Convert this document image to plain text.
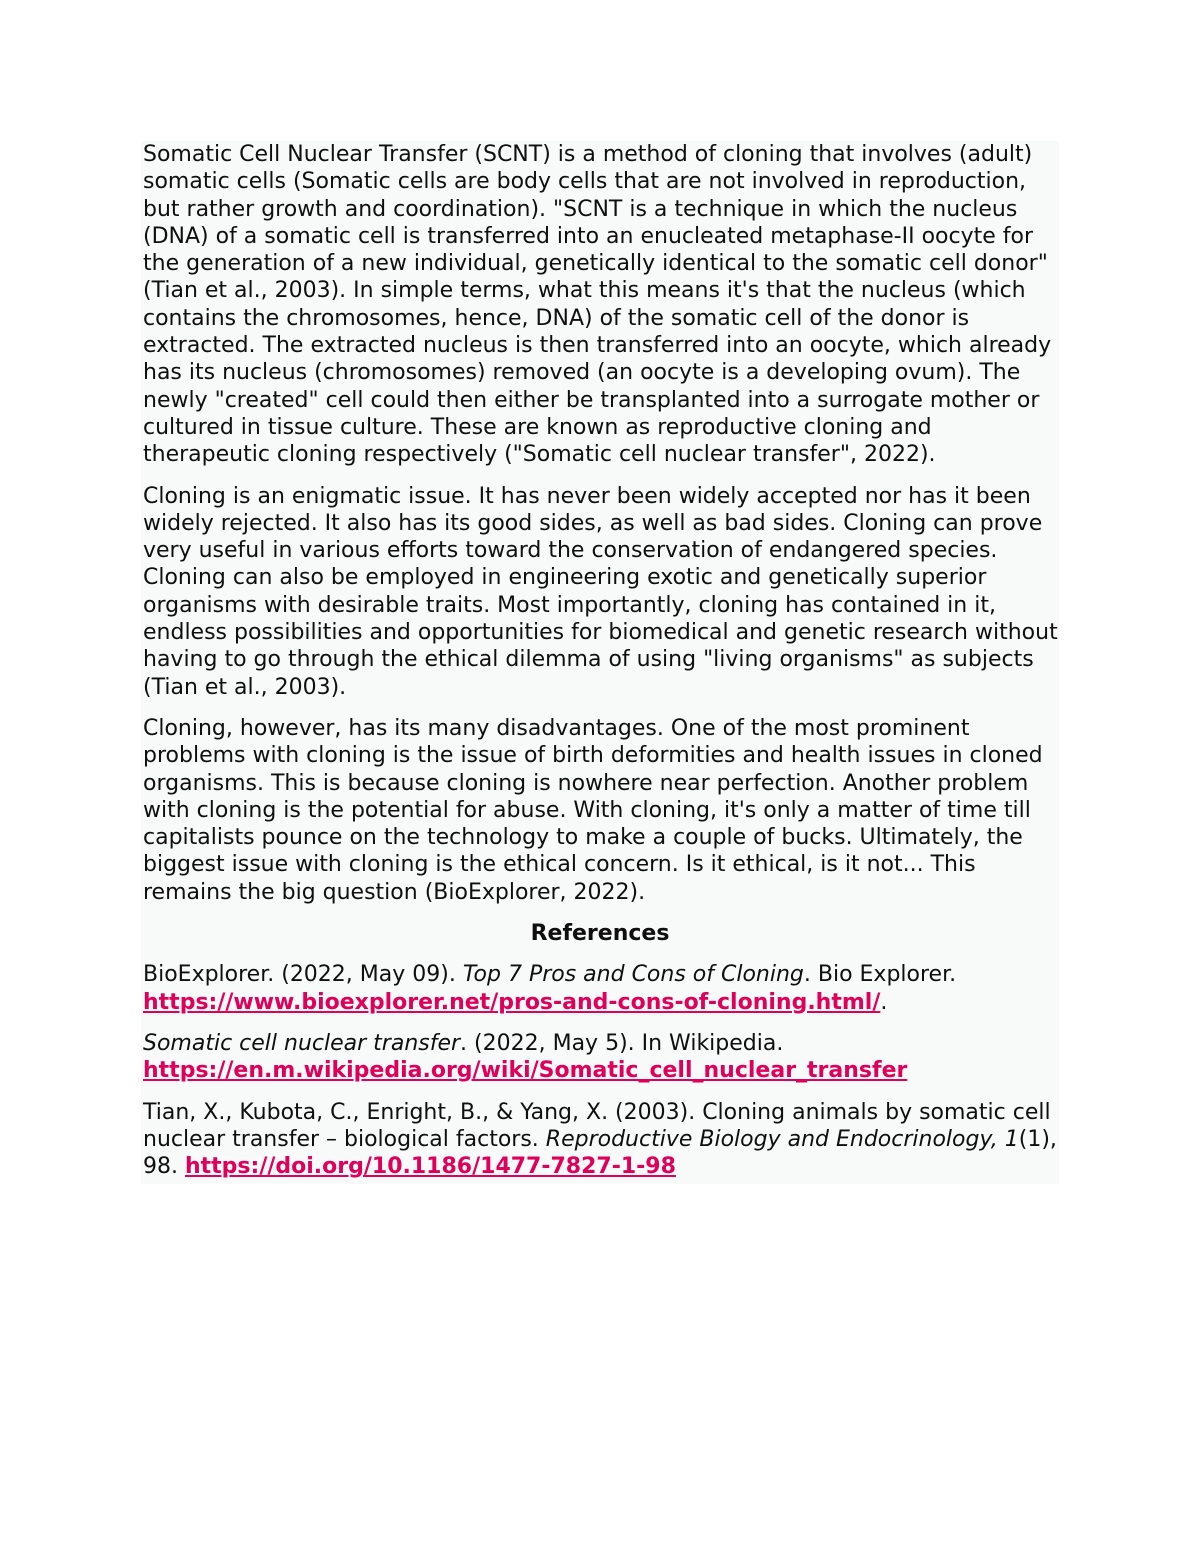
Somatic Cell Nuclear Transfer (SCNT) is a method of cloning that involves (adult) somatic cells (Somatic cells are body cells that are not involved in reproduction, but rather growth and coordination). "SCNT is a technique in which the nucleus (DNA) of a somatic cell is transferred into an enucleated metaphase-II oocyte for the generation of a new individual, genetically identical to the somatic cell donor" (Tian et al., 2003). In simple terms, what this means it's that the nucleus (which contains the chromosomes, hence, DNA) of the somatic cell of the donor is extracted. The extracted nucleus is then transferred into an oocyte, which already has its nucleus (chromosomes) removed (an oocyte is a developing ovum). The newly "created" cell could then either be transplanted into a surrogate mother or cultured in tissue culture. These are known as reproductive cloning and therapeutic cloning respectively ("Somatic cell nuclear transfer", 2022).

Cloning is an enigmatic issue. It has never been widely accepted nor has it been widely rejected. It also has its good sides, as well as bad sides. Cloning can prove very useful in various efforts toward the conservation of endangered species. Cloning can also be employed in engineering exotic and genetically superior organisms with desirable traits. Most importantly, cloning has contained in it, endless possibilities and opportunities for biomedical and genetic research without having to go through the ethical dilemma of using "living organisms" as subjects (Tian et al., 2003).

Cloning, however, has its many disadvantages. One of the most prominent problems with cloning is the issue of birth deformities and health issues in cloned organisms. This is because cloning is nowhere near perfection. Another problem with cloning is the potential for abuse. With cloning, it's only a matter of time till capitalists pounce on the technology to make a couple of bucks. Ultimately, the biggest issue with cloning is the ethical concern. Is it ethical, is it not... This remains the big question (BioExplorer, 2022).

References

BioExplorer. (2022, May 09). Top 7 Pros and Cons of Cloning. Bio Explorer. https://www.bioexplorer.net/pros-and-cons-of-cloning.html/.

Somatic cell nuclear transfer. (2022, May 5). In Wikipedia. https://en.m.wikipedia.org/wiki/Somatic_cell_nuclear_transfer

Tian, X., Kubota, C., Enright, B., & Yang, X. (2003). Cloning animals by somatic cell nuclear transfer – biological factors. Reproductive Biology and Endocrinology, 1(1), 98. https://doi.org/10.1186/1477-7827-1-98
